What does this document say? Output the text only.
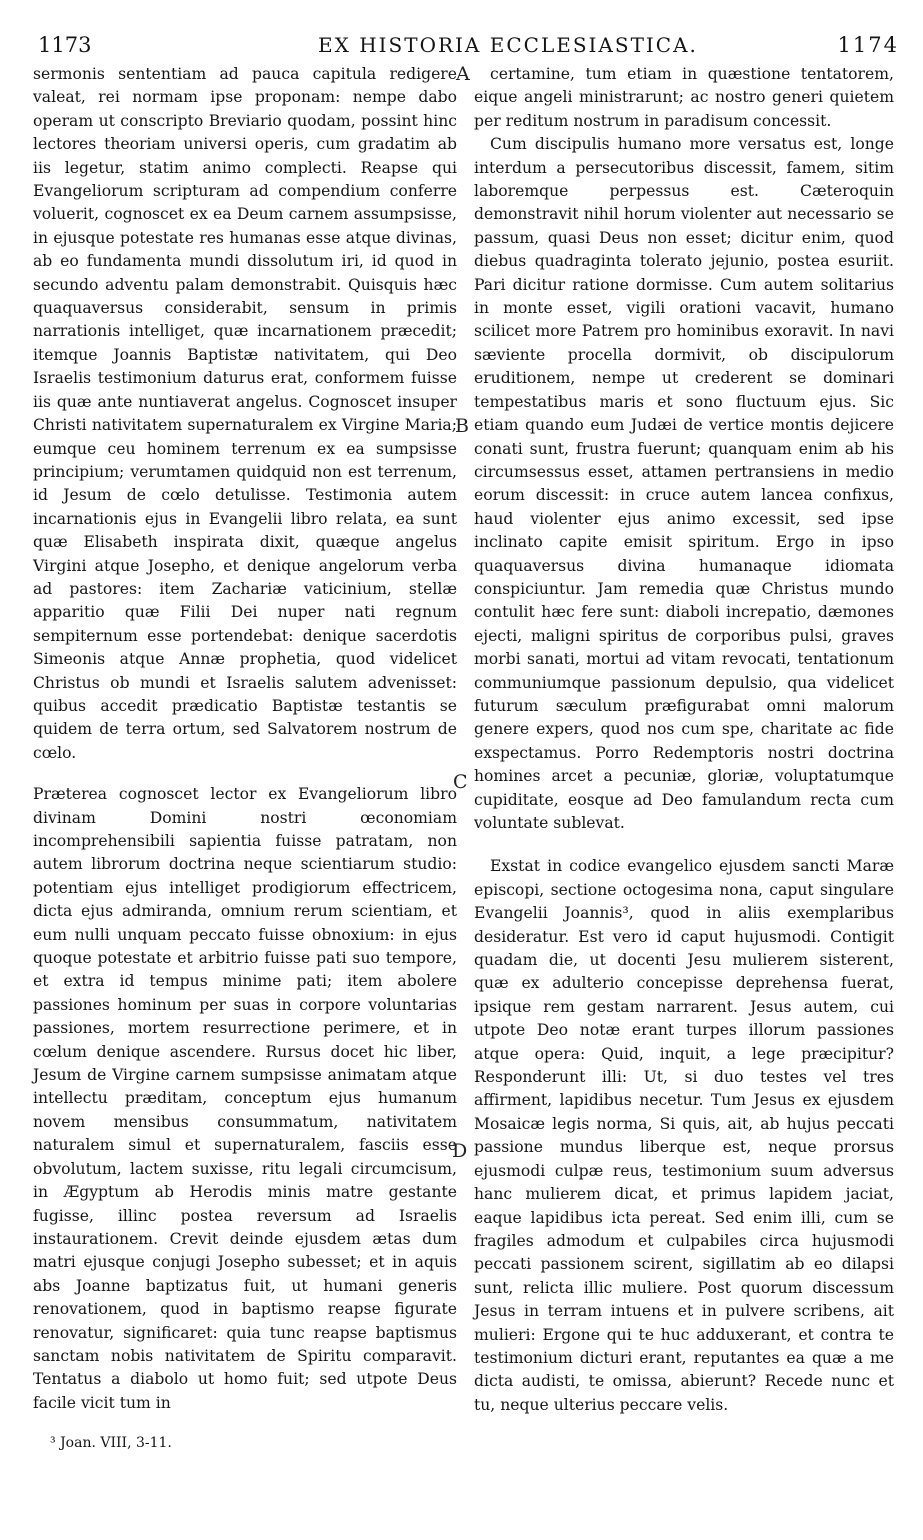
1173	EX HISTORIA ECCLESIASTICA.	1174

sermonis sententiam ad pauca capitula redigere valeat, rei normam ipse proponam: nempe dabo operam ut conscripto Breviario quodam, possint hinc lectores theoriam universi operis, cum gradatim ab iis legetur, statim animo complecti. Reapse qui Evangeliorum scripturam ad compendium conferre voluerit, cognoscet ex ea Deum carnem assumpsisse, in ejusque potestate res humanas esse atque divinas, ab eo fundamenta mundi dissolutum iri, id quod in secundo adventu palam demonstrabit. Quisquis hæc quaquaversus considerabit, sensum in primis narrationis intelliget, quæ incarnationem præcedit; itemque Joannis Baptistæ nativitatem, qui Deo Israelis testimonium daturus erat, conformem fuisse iis quæ ante nuntiaverat angelus. Cognoscet insuper Christi nativitatem supernaturalem ex Virgine Maria; eumque ceu hominem terrenum ex ea sumpsisse principium; verumtamen quidquid non est terrenum, id Jesum de cœlo detulisse. Testimonia autem incarnationis ejus in Evangelii libro relata, ea sunt quæ Elisabeth inspirata dixit, quæque angelus Virgini atque Josepho, et denique angelorum verba ad pastores: item Zachariæ vaticinium, stellæ apparitio quæ Filii Dei nuper nati regnum sempiternum esse portendebat: denique sacerdotis Simeonis atque Annæ prophetia, quod videlicet Christus ob mundi et Israelis salutem advenisset: quibus accedit prædicatio Baptistæ testantis se quidem de terra ortum, sed Salvatorem nostrum de cœlo.

Præterea cognoscet lector ex Evangeliorum libro divinam Domini nostri œconomiam incomprehensibili sapientia fuisse patratam, non autem librorum doctrina neque scientiarum studio: potentiam ejus intelliget prodigiorum effectricem, dicta ejus admiranda, omnium rerum scientiam, et eum nulli unquam peccato fuisse obnoxium: in ejus quoque potestate et arbitrio fuisse pati suo tempore, et extra id tempus minime pati; item abolere passiones hominum per suas in corpore voluntarias passiones, mortem resurrectione perimere, et in cœlum denique ascendere. Rursus docet hic liber, Jesum de Virgine carnem sumpsisse animatam atque intellectu præditam, conceptum ejus humanum novem mensibus consummatum, nativitatem naturalem simul et supernaturalem, fasciis esse obvolutum, lactem suxisse, ritu legali circumcisum, in Ægyptum ab Herodis minis matre gestante fugisse, illinc postea reversum ad Israelis instaurationem. Crevit deinde ejusdem ætas dum matri ejusque conjugi Josepho subesset; et in aquis abs Joanne baptizatus fuit, ut humani generis renovationem, quod in baptismo reapse figurate renovatur, significaret: quia tunc reapse baptismus sanctam nobis nativitatem de Spiritu comparavit. Tentatus a diabolo ut homo fuit; sed utpote Deus facile vicit tum in

A
B
C
D

certamine, tum etiam in quæstione tentatorem, eique angeli ministrarunt; ac nostro generi quietem per reditum nostrum in paradisum concessit.

Cum discipulis humano more versatus est, longe interdum a persecutoribus discessit, famem, sitim laboremque perpessus est. Cæteroquin demonstravit nihil horum violenter aut necessario se passum, quasi Deus non esset; dicitur enim, quod diebus quadraginta tolerato jejunio, postea esuriit. Pari dicitur ratione dormisse. Cum autem solitarius in monte esset, vigili orationi vacavit, humano scilicet more Patrem pro hominibus exoravit. In navi sæviente procella dormivit, ob discipulorum eruditionem, nempe ut crederent se dominari tempestatibus maris et sono fluctuum ejus. Sic etiam quando eum Judæi de vertice montis dejicere conati sunt, frustra fuerunt; quanquam enim ab his circumsessus esset, attamen pertransiens in medio eorum discessit: in cruce autem lancea confixus, haud violenter ejus animo excessit, sed ipse inclinato capite emisit spiritum. Ergo in ipso quaquaversus divina humanaque idiomata conspiciuntur. Jam remedia quæ Christus mundo contulit hæc fere sunt: diaboli increpatio, dæmones ejecti, maligni spiritus de corporibus pulsi, graves morbi sanati, mortui ad vitam revocati, tentationum communiumque passionum depulsio, qua videlicet futurum sæculum præfigurabat omni malorum genere expers, quod nos cum spe, charitate ac fide exspectamus. Porro Redemptoris nostri doctrina homines arcet a pecuniæ, gloriæ, voluptatumque cupiditate, eosque ad Deo famulandum recta cum voluntate sublevat.

Exstat in codice evangelico ejusdem sancti Maræ episcopi, sectione octogesima nona, caput singulare Evangelii Joannis³, quod in aliis exemplaribus desideratur. Est vero id caput hujusmodi. Contigit quadam die, ut docenti Jesu mulierem sisterent, quæ ex adulterio concepisse deprehensa fuerat, ipsique rem gestam narrarent. Jesus autem, cui utpote Deo notæ erant turpes illorum passiones atque opera: Quid, inquit, a lege præcipitur? Responderunt illi: Ut, si duo testes vel tres affirment, lapidibus necetur. Tum Jesus ex ejusdem Mosaicæ legis norma, Si quis, ait, ab hujus peccati passione mundus liberque est, neque prorsus ejusmodi culpæ reus, testimonium suum adversus hanc mulierem dicat, et primus lapidem jaciat, eaque lapidibus icta pereat. Sed enim illi, cum se fragiles admodum et culpabiles circa hujusmodi peccati passionem scirent, sigillatim ab eo dilapsi sunt, relicta illic muliere. Post quorum discessum Jesus in terram intuens et in pulvere scribens, ait mulieri: Ergone qui te huc adduxerant, et contra te testimonium dicturi erant, reputantes ea quæ a me dicta audisti, te omissa, abierunt? Recede nunc et tu, neque ulterius peccare velis.

³ Joan. VIII, 3-11.
